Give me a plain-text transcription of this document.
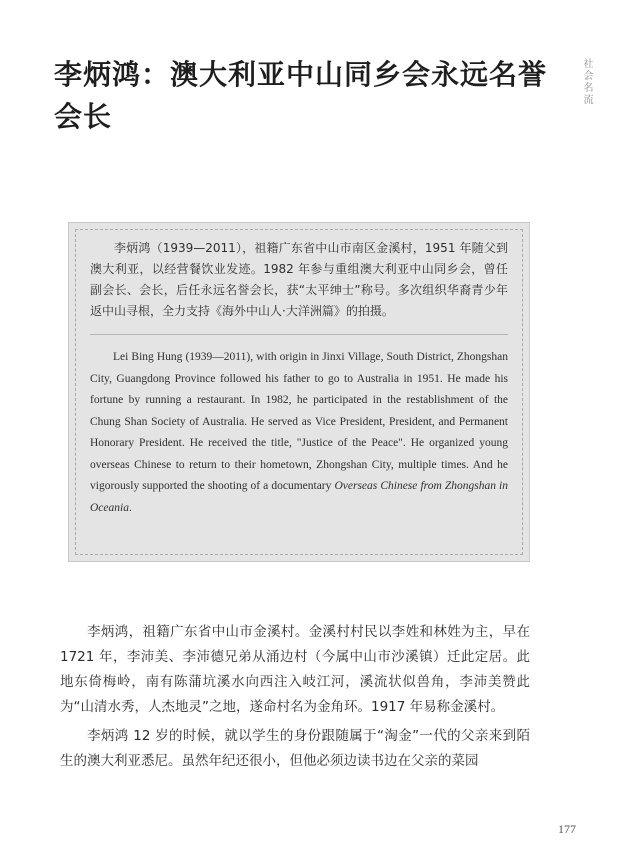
李炳鸿：澳大利亚中山同乡会永远名誉会长
社会名流

李炳鸿（1939—2011），祖籍广东省中山市南区金溪村，1951 年随父到澳大利亚，以经营餐饮业发迹。1982 年参与重组澳大利亚中山同乡会，曾任副会长、会长，后任永远名誉会长，获“太平绅士”称号。多次组织华裔青少年返中山寻根，全力支持《海外中山人·大洋洲篇》的拍摄。

Lei Bing Hung (1939—2011), with origin in Jinxi Village, South District, Zhongshan City, Guangdong Province followed his father to go to Australia in 1951. He made his fortune by running a restaurant. In 1982, he participated in the restablishment of the Chung Shan Society of Australia. He served as Vice President, President, and Permanent Honorary President. He received the title, "Justice of the Peace". He organized young overseas Chinese to return to their hometown, Zhongshan City, multiple times. And he vigorously supported the shooting of a documentary Overseas Chinese from Zhongshan in Oceania.

李炳鸿，祖籍广东省中山市金溪村。金溪村村民以李姓和林姓为主，早在 1721 年，李沛美、李沛德兄弟从涌边村（今属中山市沙溪镇）迁此定居。此地东倚梅岭，南有陈蒲坑溪水向西注入岐江河，溪流状似兽角，李沛美赞此为“山清水秀，人杰地灵”之地，遂命村名为金角环。1917 年易称金溪村。

李炳鸿 12 岁的时候，就以学生的身份跟随属于“淘金”一代的父亲来到陌生的澳大利亚悉尼。虽然年纪还很小，但他必须边读书边在父亲的菜园

177
